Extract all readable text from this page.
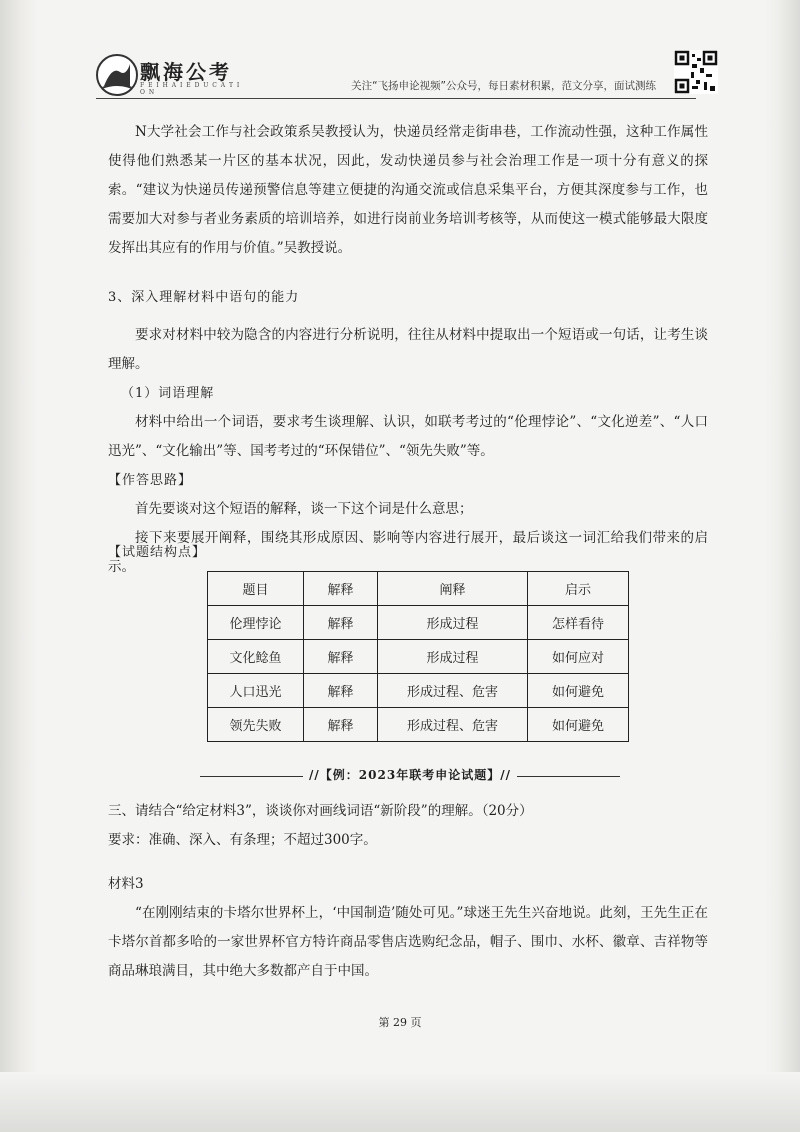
飘海公考
F E I H A I E D U C A T I O N
关注“飞扬申论视频”公众号，每日素材积累，范文分享，面试测练

N大学社会工作与社会政策系吴教授认为，快递员经常走街串巷，工作流动性强，这种工作属性使得他们熟悉某一片区的基本状况，因此，发动快递员参与社会治理工作是一项十分有意义的探索。“建议为快递员传递预警信息等建立便捷的沟通交流或信息采集平台，方便其深度参与工作，也需要加大对参与者业务素质的培训培养，如进行岗前业务培训考核等，从而使这一模式能够最大限度发挥出其应有的作用与价值。”吴教授说。

3、深入理解材料中语句的能力

要求对材料中较为隐含的内容进行分析说明，往往从材料中提取出一个短语或一句话，让考生谈理解。

（1）词语理解

材料中给出一个词语，要求考生谈理解、认识，如联考考过的“伦理悖论”、“文化逆差”、“人口迅光”、“文化输出”等、国考考过的“环保错位”、“领先失败”等。

【作答思路】

首先要谈对这个短语的解释，谈一下这个词是什么意思；

接下来要展开阐释，围绕其形成原因、影响等内容进行展开，最后谈这一词汇给我们带来的启示。

【试题结构点】

题目	解释	阐释	启示
伦理悖论	解释	形成过程	怎样看待
文化鲶鱼	解释	形成过程	如何应对
人口迅光	解释	形成过程、危害	如何避免
领先失败	解释	形成过程、危害	如何避免
//【例：2023年联考申论试题】//

三、请结合“给定材料3”，谈谈你对画线词语“新阶段”的理解。（20分）

要求：准确、深入、有条理；不超过300字。

材料3

“在刚刚结束的卡塔尔世界杯上，‘中国制造’随处可见。”球迷王先生兴奋地说。此刻，王先生正在卡塔尔首都多哈的一家世界杯官方特许商品零售店选购纪念品，帽子、围巾、水杯、徽章、吉祥物等商品琳琅满目，其中绝大多数都产自于中国。

第 29 页
